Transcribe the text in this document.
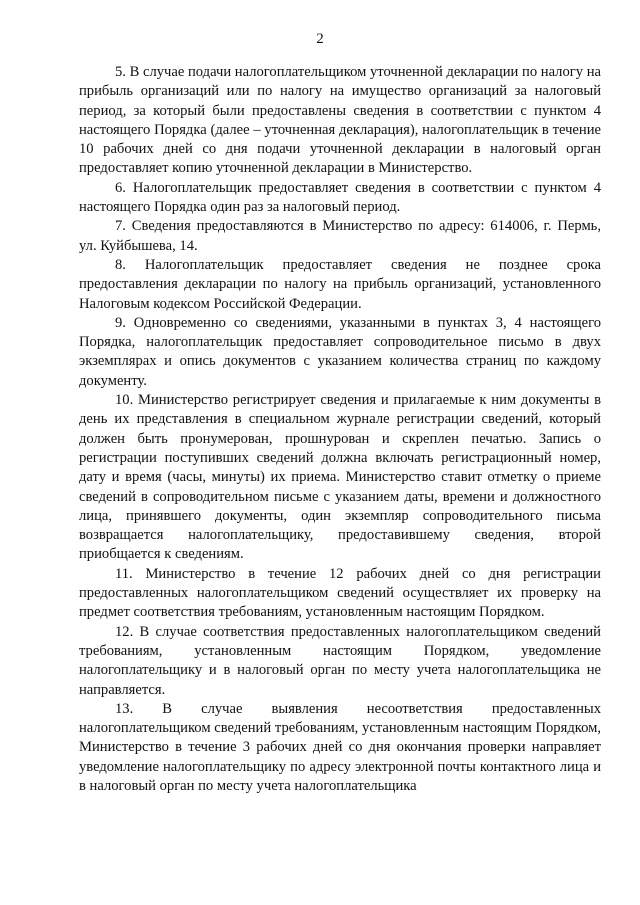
2

5. В случае подачи налогоплательщиком уточненной декларации по налогу на прибыль организаций или по налогу на имущество организаций за налоговый период, за который были предоставлены сведения в соответствии с пунктом 4 настоящего Порядка (далее – уточненная декларация), налогоплательщик в течение 10 рабочих дней со дня подачи уточненной декларации в налоговый орган предоставляет копию уточненной декларации в Министерство.

6. Налогоплательщик предоставляет сведения в соответствии с пунктом 4 настоящего Порядка один раз за налоговый период.

7. Сведения предоставляются в Министерство по адресу: 614006, г. Пермь, ул. Куйбышева, 14.

8. Налогоплательщик предоставляет сведения не позднее срока предоставления декларации по налогу на прибыль организаций, установленного Налоговым кодексом Российской Федерации.

9. Одновременно со сведениями, указанными в пунктах 3, 4 настоящего Порядка, налогоплательщик предоставляет сопроводительное письмо в двух экземплярах и опись документов с указанием количества страниц по каждому документу.

10. Министерство регистрирует сведения и прилагаемые к ним документы в день их представления в специальном журнале регистрации сведений, который должен быть пронумерован, прошнурован и скреплен печатью. Запись о регистрации поступивших сведений должна включать регистрационный номер, дату и время (часы, минуты) их приема. Министерство ставит отметку о приеме сведений в сопроводительном письме с указанием даты, времени и должностного лица, принявшего документы, один экземпляр сопроводительного письма возвращается налогоплательщику, предоставившему сведения, второй приобщается к сведениям.

11. Министерство в течение 12 рабочих дней со дня регистрации предоставленных налогоплательщиком сведений осуществляет их проверку на предмет соответствия требованиям, установленным настоящим Порядком.

12. В случае соответствия предоставленных налогоплательщиком сведений требованиям, установленным настоящим Порядком, уведомление налогоплательщику и в налоговый орган по месту учета налогоплательщика не направляется.

13. В случае выявления несоответствия предоставленных налогоплательщиком сведений требованиям, установленным настоящим Порядком, Министерство в течение 3 рабочих дней со дня окончания проверки направляет уведомление налогоплательщику по адресу электронной почты контактного лица и в налоговый орган по месту учета налогоплательщика
